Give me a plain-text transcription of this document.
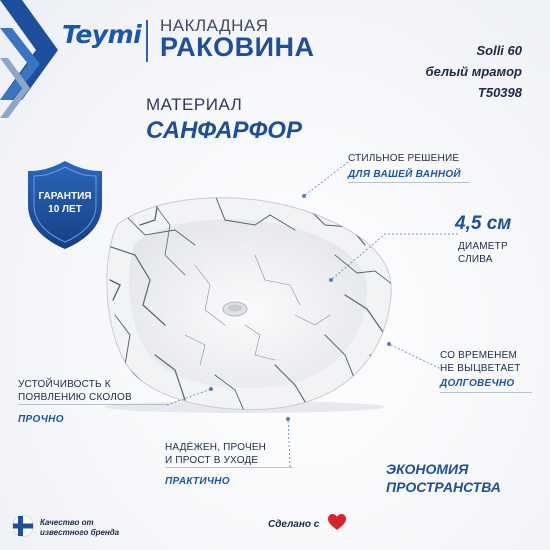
Teymi НАКЛАДНАЯ
РАКОВИНА	Solli 60
белый мрамор
T50398
МАТЕРИАЛ
САНФАРФОР
ГАРАНТИЯ
10 ЛЕТ
СТИЛЬНОЕ РЕШЕНИЕ
ДЛЯ ВАШЕЙ ВАННОЙ
4,5 см
ДИАМЕТР
СЛИВА
СО ВРЕМЕНЕМ
НЕ ВЫЦВЕТАЕТ
ДОЛГОВЕЧНО
УСТОЙЧИВОСТЬ К
ПОЯВЛЕНИЮ СКОЛОВ
ПРОЧНО
НАДЁЖЕН, ПРОЧЕН
И ПРОСТ В УХОДЕ
ПРАКТИЧНО
ЭКОНОМИЯ
ПРОСТРАНСТВА
Качество от
известного бренда
Сделано с
